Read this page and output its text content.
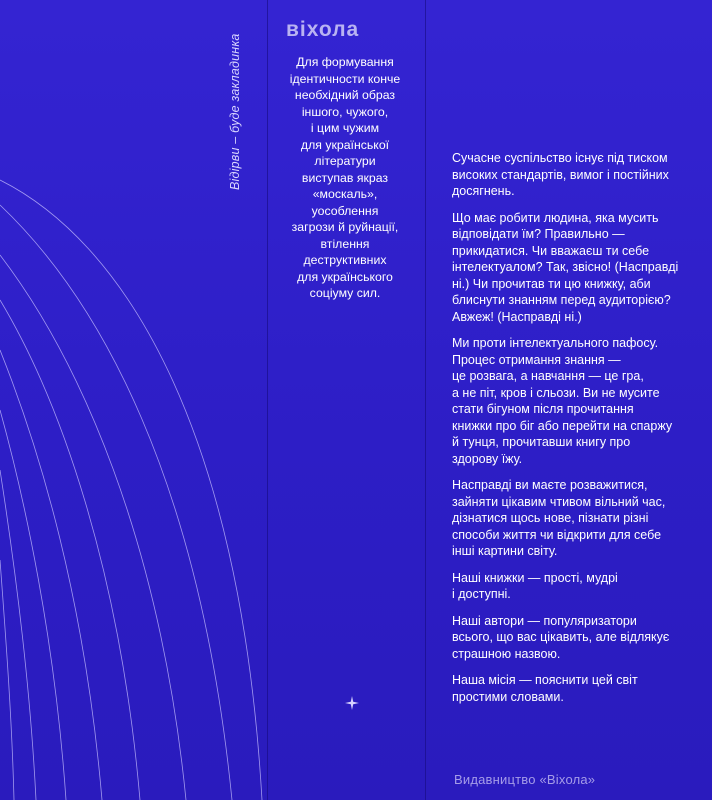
Відірви – буде закладинка
віхола
Для формування
ідентичности конче
необхідний образ
іншого, чужого,
і цим чужим
для української
літератури
виступав якраз
«москаль»,
уособлення
загрози й руйнації,
втілення
деструктивних
для українського
соціуму сил.
Сучасне суспільство існує під тиском
високих стандартів, вимог і постійних
досягнень.
Що має робити людина, яка мусить
відповідати їм? Правильно —
прикидатися. Чи вважаєш ти себе
інтелектуалом? Так, звісно! (Насправді
ні.) Чи прочитав ти цю книжку, аби
блиснути знанням перед аудиторією?
Авжеж! (Насправді ні.)
Ми проти інтелектуального пафосу.
Процес отримання знання —
це розвага, а навчання — це гра,
а не піт, кров і сльози. Ви не мусите
стати бігуном після прочитання
книжки про біг або перейти на спаржу
й тунця, прочитавши книгу про
здорову їжу.
Насправді ви маєте розважитися,
зайняти цікавим чтивом вільний час,
дізнатися щось нове, пізнати різні
способи життя чи відкрити для себе
інші картини світу.
Наші книжки — прості, мудрі
і доступні.
Наші автори — популяризатори
всього, що вас цікавить, але відлякує
страшною назвою.
Наша місія — пояснити цей світ
простими словами.
Видавництво «Віхола»
